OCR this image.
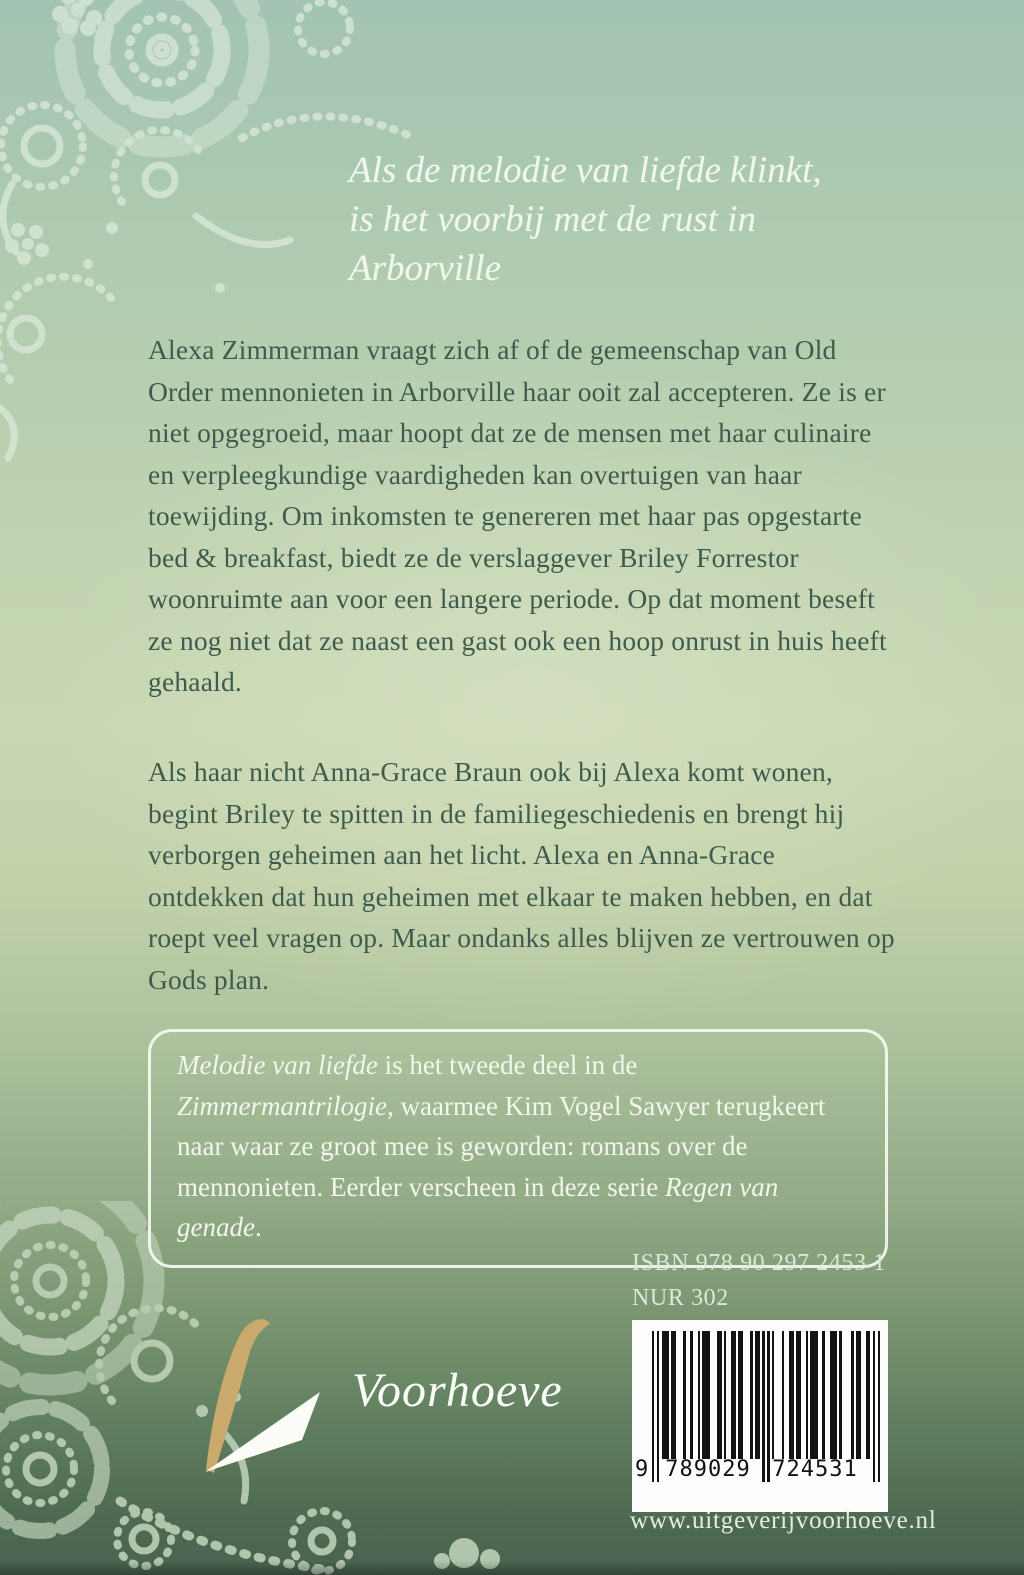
Als de melodie van liefde klinkt,
is het voorbij met de rust in
Arborville

Alexa Zimmerman vraagt zich af of de gemeenschap van Old Order mennonieten in Arborville haar ooit zal accepteren. Ze is er niet opgegroeid, maar hoopt dat ze de mensen met haar culinaire en verpleegkundige vaardigheden kan overtuigen van haar toewijding. Om inkomsten te genereren met haar pas opgestarte bed & breakfast, biedt ze de verslaggever Briley Forrestor woonruimte aan voor een langere periode. Op dat moment beseft ze nog niet dat ze naast een gast ook een hoop onrust in huis heeft gehaald.

Als haar nicht Anna-Grace Braun ook bij Alexa komt wonen, begint Briley te spitten in de familiegeschiedenis en brengt hij verborgen geheimen aan het licht. Alexa en Anna-Grace ontdekken dat hun geheimen met elkaar te maken hebben, en dat roept veel vragen op. Maar ondanks alles blijven ze vertrouwen op Gods plan.

Melodie van liefde is het tweede deel in de Zimmermantrilogie, waarmee Kim Vogel Sawyer terugkeert naar waar ze groot mee is geworden: romans over de mennonieten. Eerder verscheen in deze serie Regen van genade.
ISBN 978 90 297 2453 1
NUR 302
9 789029 724531
www.uitgeverijvoorhoeve.nl
Voorhoeve
